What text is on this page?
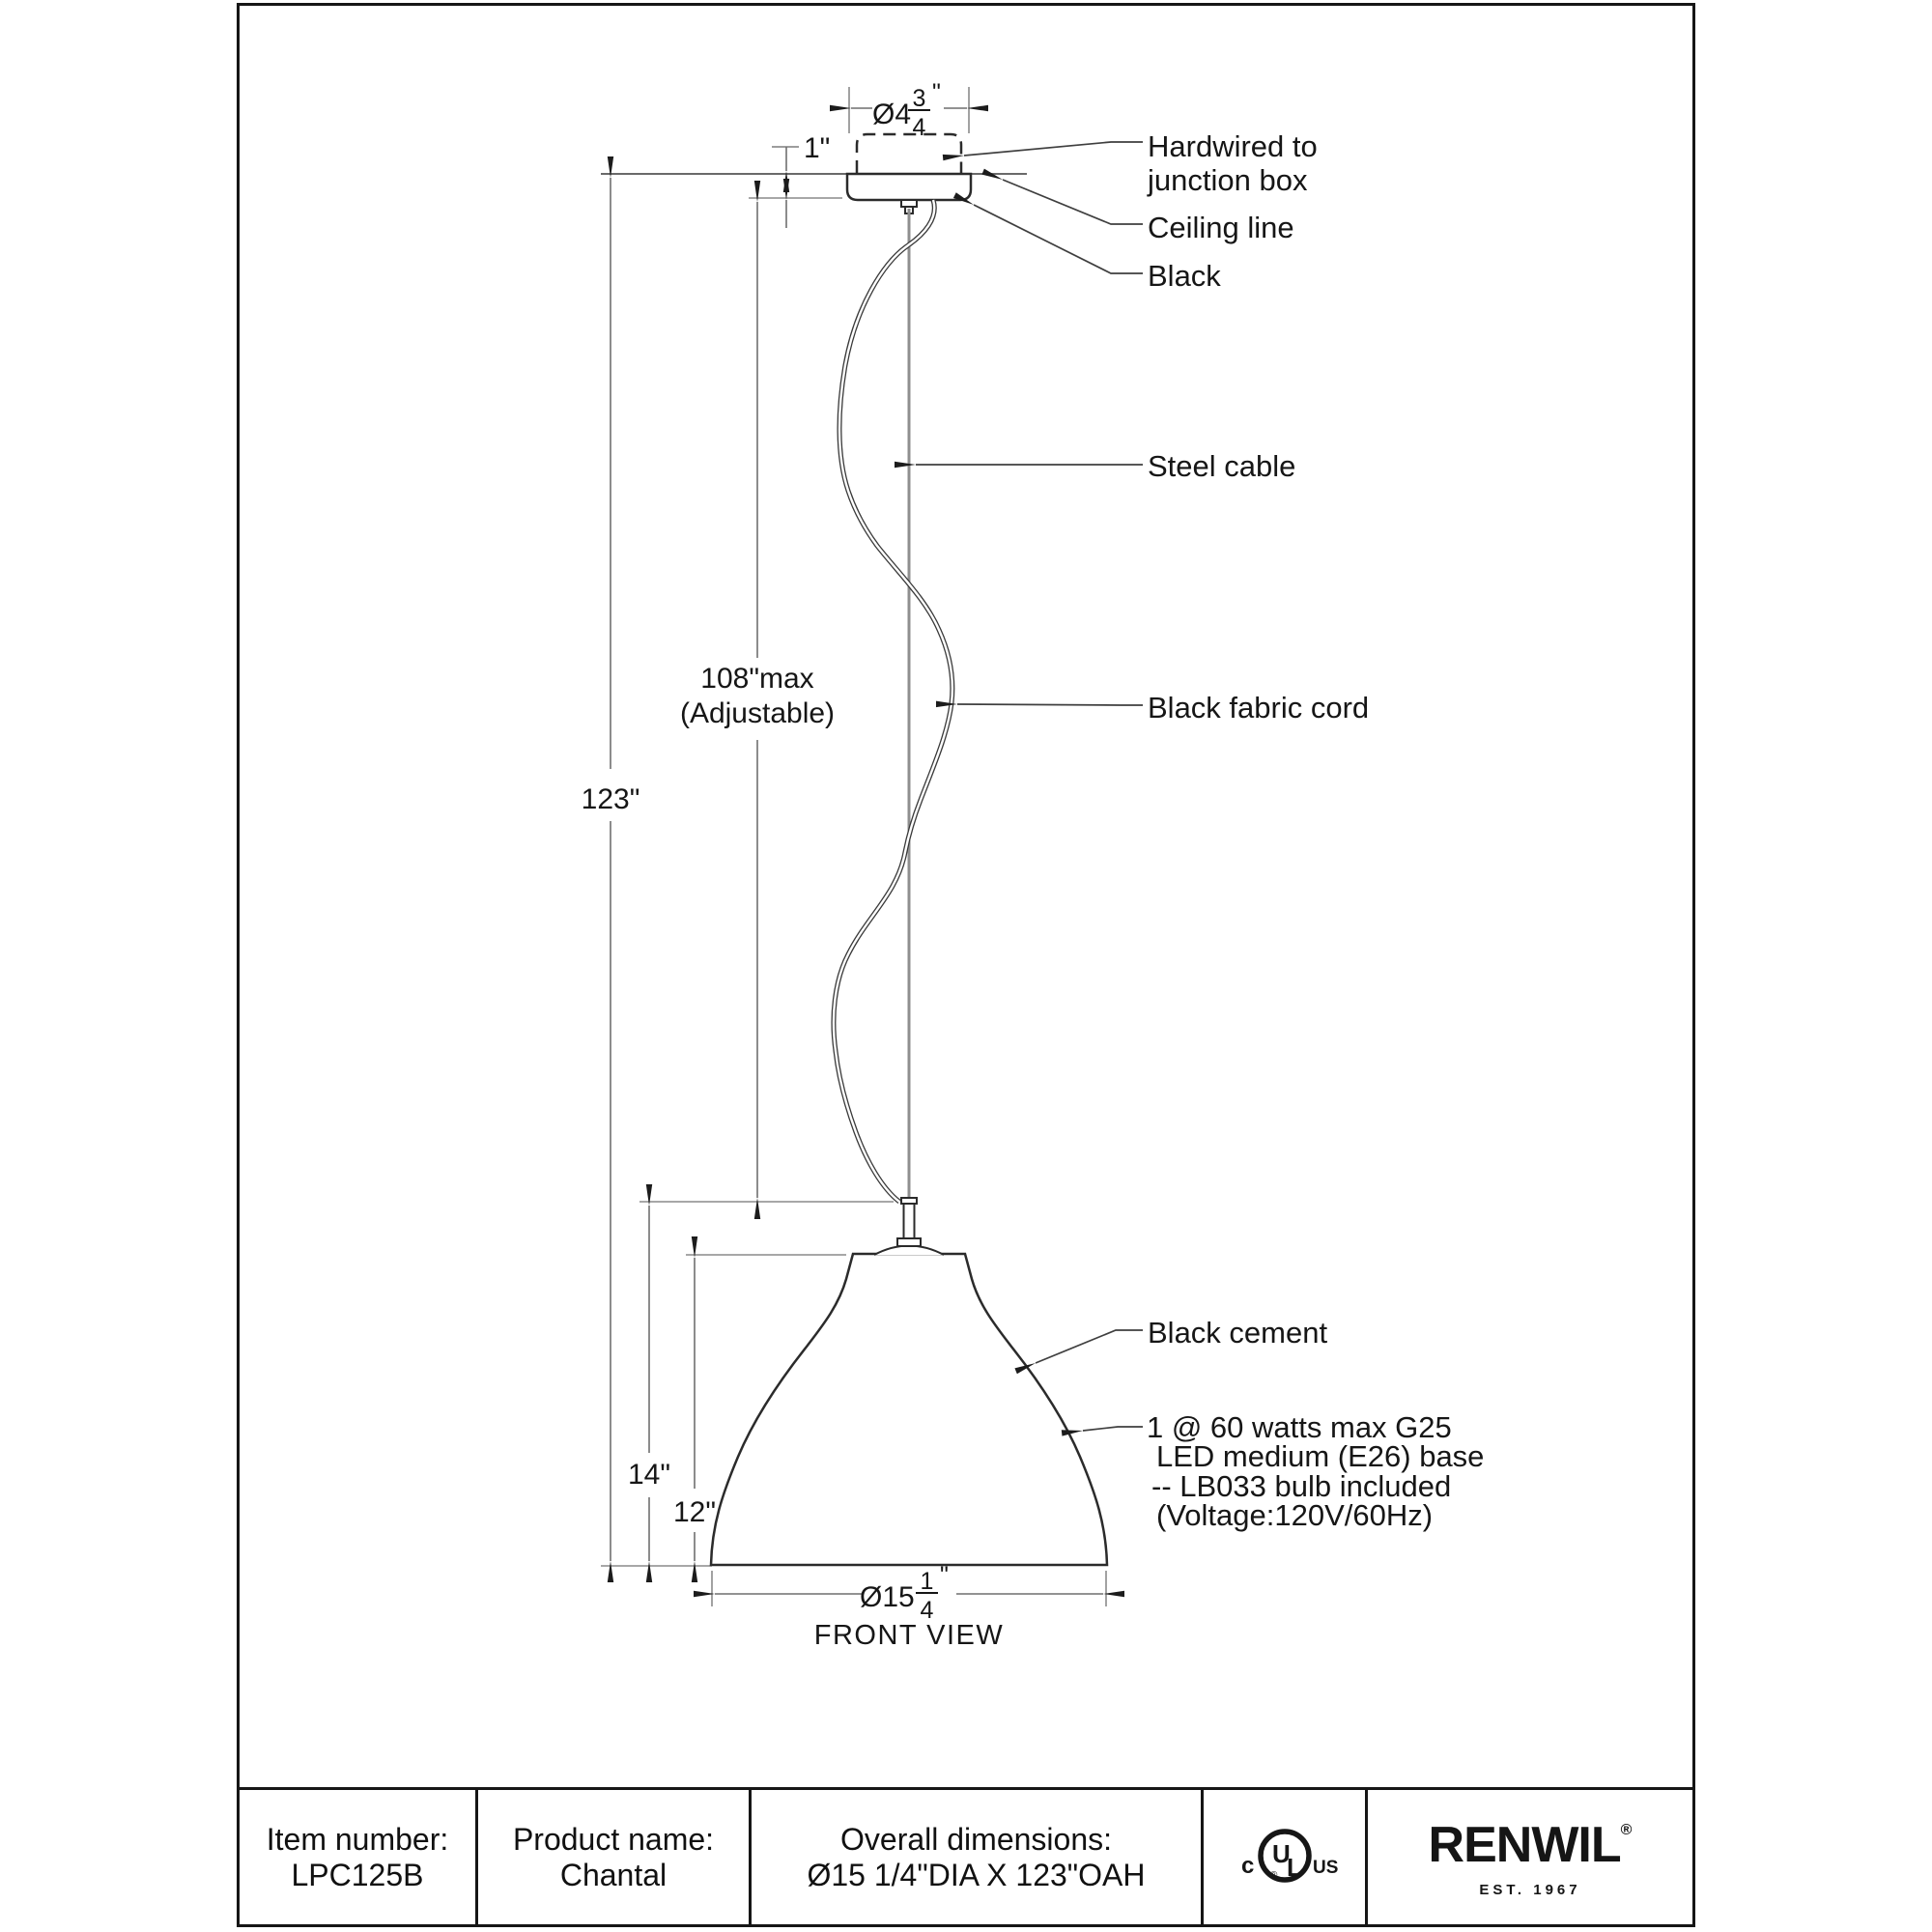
123"
108"max
(Adjustable)
14"
12"
1"
Ø4 3
4
"
Ø15 1
4
"
FRONT VIEW
Hardwired to
junction box
Ceiling line
Black
Steel cable
Black fabric cord
Black cement
1 @ 60 watts max G25
LED medium (E26) base
-- LB033 bulb included
(Voltage:120V/60Hz)
Item number:
LPC125B
Product name:
Chantal
Overall dimensions:
Ø15 1/4"DIA X 123"OAH
U
L
®
c	US RENWIL®
EST. 1967
